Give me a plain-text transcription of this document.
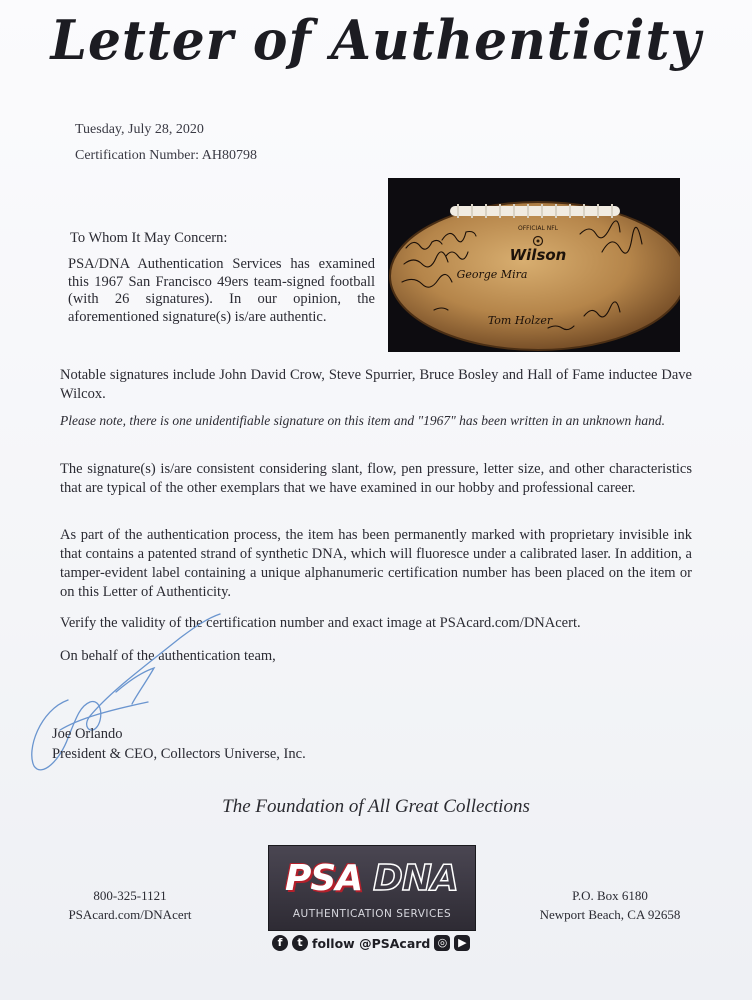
Letter of Authenticity
Tuesday, July 28, 2020
Certification Number: AH80798
To Whom It May Concern:
PSA/DNA Authentication Services has examined this 1967 San Francisco 49ers team-signed football (with 26 signatures). In our opinion, the aforementioned signature(s) is/are authentic.
OFFICIAL NFL
Wilson
George Mira
Tom Holzer
Notable signatures include John David Crow, Steve Spurrier, Bruce Bosley and Hall of Fame inductee Dave Wilcox.
Please note, there is one unidentifiable signature on this item and "1967" has been written in an unknown hand.
The signature(s) is/are consistent considering slant, flow, pen pressure, letter size, and other characteristics that are typical of the other exemplars that we have examined in our hobby and professional career.
As part of the authentication process, the item has been permanently marked with proprietary invisible ink that contains a patented strand of synthetic DNA, which will fluoresce under a calibrated laser. In addition, a tamper-evident label containing a unique alphanumeric certification number has been placed on the item or on this Letter of Authenticity.
Verify the validity of the certification number and exact image at PSAcard.com/DNAcert.
On behalf of the authentication team,
Joe Orlando
President & CEO, Collectors Universe, Inc.
The Foundation of All Great Collections
800-325-1121
PSAcard.com/DNAcert
PSA DNA
AUTHENTICATION SERVICES
f	t follow @PSAcard ◎ ▶
P.O. Box 6180
Newport Beach, CA 92658
